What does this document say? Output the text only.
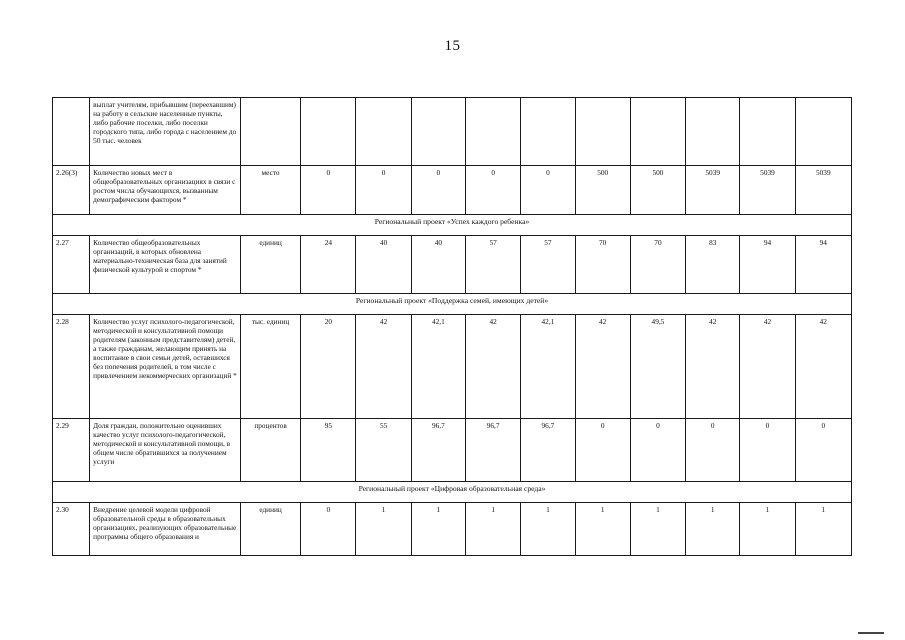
15
	выплат учителям, прибывшим (переехавшим) на работу в сельские населенные пункты, либо рабочие поселки, либо поселки городского типа, либо города с населением до 50 тыс. человек											
2.26(3)	Количество новых мест в общеобразовательных организациях в связи с ростом числа обучающихся, вызванным демографическим фактором *	место	0	0	0	0	0	500	500	5039	5039	5039
Региональный проект «Успех каждого ребенка»												
2.27	Количество общеобразовательных организаций, в которых обновлена материально-техническая база для занятий физической культурой и спортом *	единиц	24	40	40	57	57	70	70	83	94	94
Региональный проект «Поддержка семей, имеющих детей»												
2.28	Количество услуг психолого-педагогической, методической и консультативной помощи родителям (законным представителям) детей, а также гражданам, желающим принять на воспитание в свои семьи детей, оставшихся без попечения родителей, в том числе с привлечением некоммерческих организаций *	тыс. единиц	20	42	42,1	42	42,1	42	49,5	42	42	42
2.29	Доля граждан, положительно оценивших качество услуг психолого-педагогической, методической и консультативной помощи, в общем числе обратившихся за получением услуги	процентов	95	55	96,7	96,7	96,7	0	0	0	0	0
Региональный проект «Цифровая образовательная среда»												
2.30	Внедрение целевой модели цифровой образовательной среды в образовательных организациях, реализующих образовательные программы общего образования и	единиц	0	1	1	1	1	1	1	1	1	1
